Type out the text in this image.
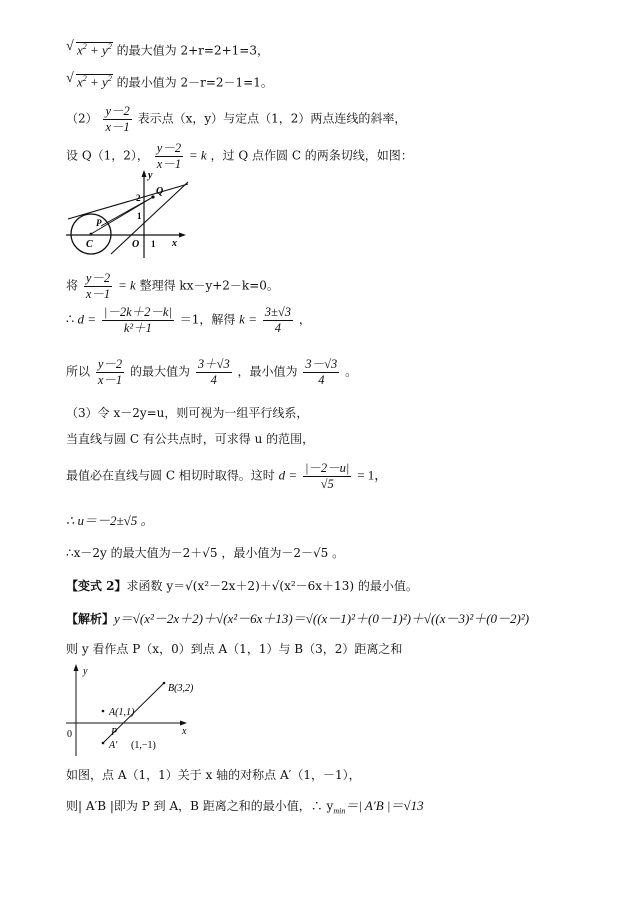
√ $x^2 + y^2$ 的最大值为 2+r=2+1=3，
√ $x^2 + y^2$ 的最小值为 2－r=2－1=1。
$(2) \frac{y-2}{x-1}$ 表示点（x，y）与定点（1，2）两点连线的斜率，
设 Q（1，2）， $\frac{y-2}{x-1} = k$ ，过 Q 点作圆 C 的两条切线，如图：
y
x
Q
P
C	O 1
2
1
将 $\frac{y-2}{x-1} = k$ 整理得 kx－y+2－k=0。
∴ $d = \frac{|-2k+2-k|}{\text{k²＋1}} =1$，解得 $k = \frac{3\pm√3}{4}$ ，
所以 $\frac{y-2}{x-1}$ 的最大值为 $\frac{3+√3}{4}$ ，最小值为 $\frac{3-√3}{4}$ 。
（3）令 x－2y=u，则可视为一组平行线系，
当直线与圆 C 有公共点时，可求得 u 的范围，
最值必在直线与圆 C 相切时取得。这时 $d = \frac{|-2-u|}{√5} = 1$，
∴ u＝－2±√5 。
∴x－2y 的最大值为－2＋√5 ，最小值为－2－√5 。
【变式 2】求函数 y＝√(x²－2x＋2)＋√(x²－6x＋13) 的最小值。
【解析】y＝√(x²－2x＋2)＋√(x²－6x＋13)＝√((x－1)²＋(0－1)²)＋√((x－3)²＋(0－2)²)
则 y 看作点 P（x，0）到点 A（1，1）与 B（3，2）距离之和
y
x
0
B(3,2)
A(1,1)
P
A′ (1,−1)
如图，点 A（1，1）关于 x 轴的对称点 A′（1，－1），
则| A′B |即为 P 到 A，B 距离之和的最小值，∴ $y_{min}=|$ A′B |＝√13
